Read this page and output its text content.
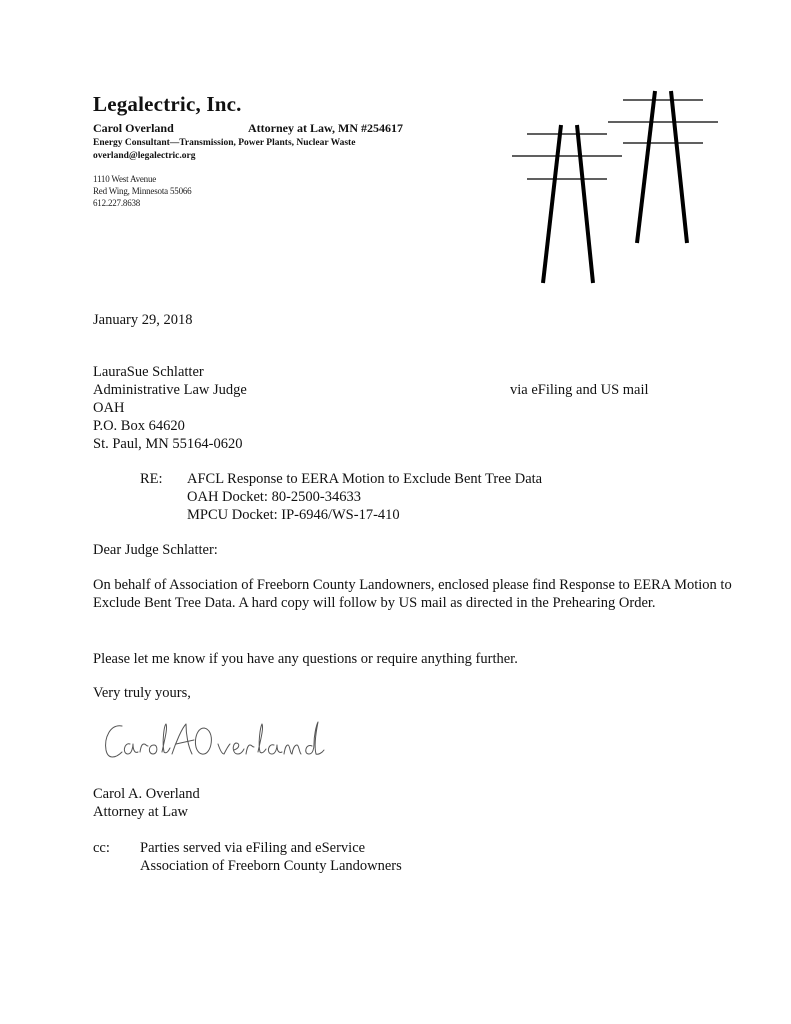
Legalectric, Inc.
Carol Overland	Attorney at Law, MN #254617
Energy Consultant—Transmission, Power Plants, Nuclear Waste
overland@legalectric.org
1110 West Avenue
Red Wing, Minnesota 55066
612.227.8638
January 29, 2018
LauraSue Schlatter
Administrative Law Judge	via eFiling and US mail
OAH
P.O. Box 64620
St. Paul, MN 55164-0620
RE: AFCL Response to EERA Motion to Exclude Bent Tree Data
OAH Docket: 80-2500-34633
MPCU Docket: IP-6946/WS-17-410
Dear Judge Schlatter:
On behalf of Association of Freeborn County Landowners, enclosed please find Response to EERA Motion to Exclude Bent Tree Data. A hard copy will follow by US mail as directed in the Prehearing Order.
Please let me know if you have any questions or require anything further.
Very truly yours,
Carol A. Overland
Attorney at Law
cc: Parties served via eFiling and eService
Association of Freeborn County Landowners
